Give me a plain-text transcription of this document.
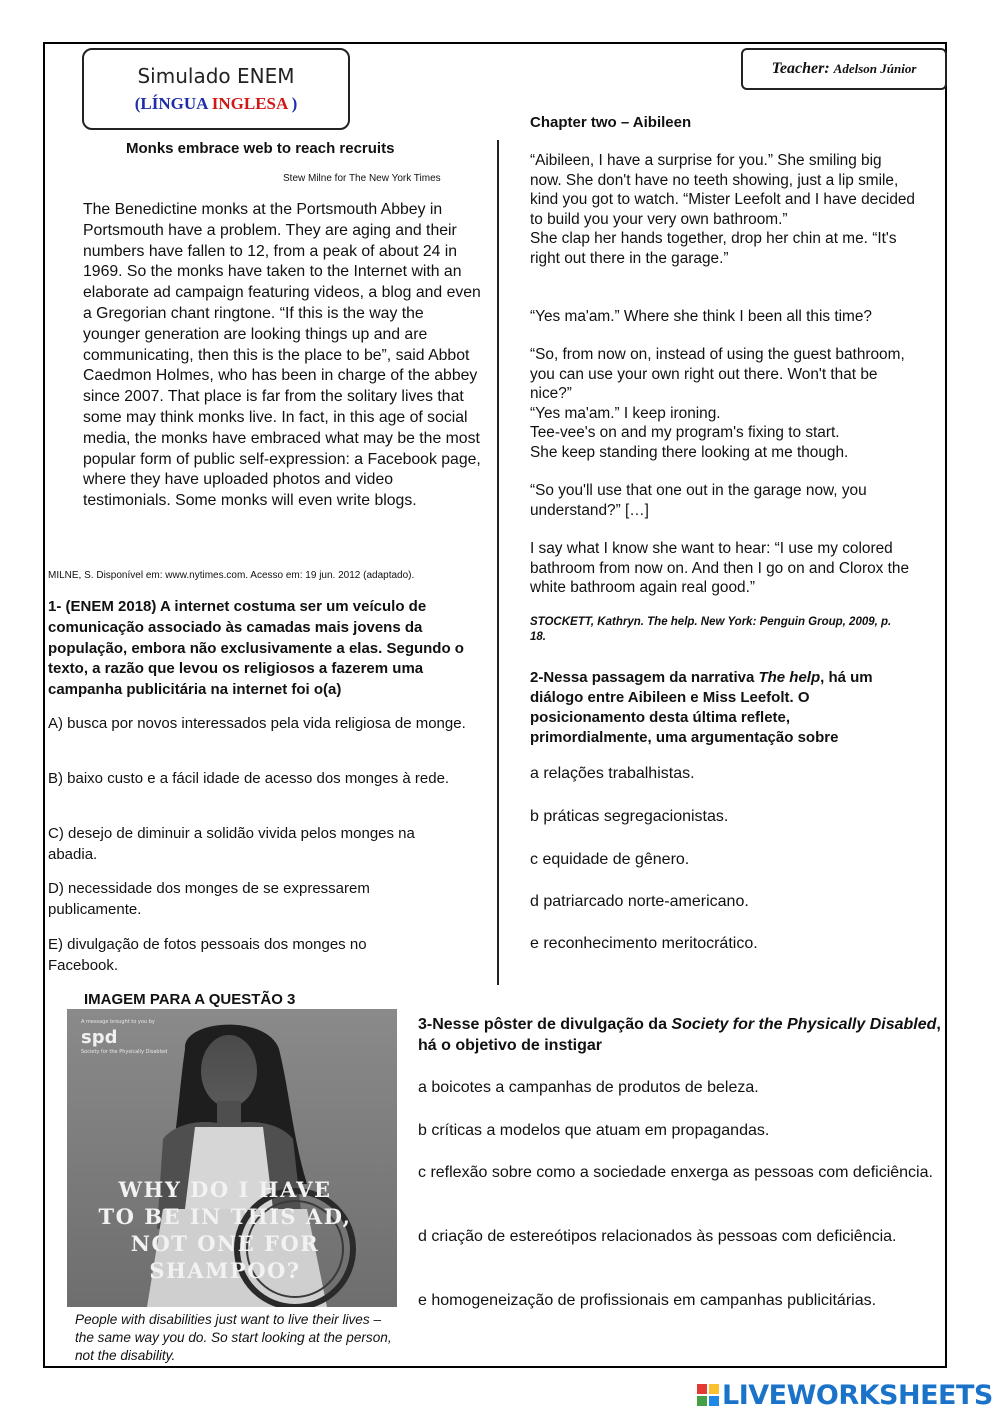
Simulado ENEM
(LÍNGUA INGLESA )
Teacher: Adelson Júnior
Monks embrace web to reach recruits
Stew Milne for The New York Times

The Benedictine monks at the Portsmouth Abbey in Portsmouth have a problem. They are aging and their numbers have fallen to 12, from a peak of about 24 in 1969. So the monks have taken to the Internet with an elaborate ad campaign featuring videos, a blog and even a Gregorian chant ringtone. “If this is the way the younger generation are looking things up and are communicating, then this is the place to be”, said Abbot Caedmon Holmes, who has been in charge of the abbey since 2007. That place is far from the solitary lives that some may think monks live. In fact, in this age of social media, the monks have embraced what may be the most popular form of public self-expression: a Facebook page, where they have uploaded photos and video testimonials. Some monks will even write blogs.

MILNE, S. Disponível em: www.nytimes.com. Acesso em: 19 jun. 2012 (adaptado).

1- (ENEM 2018) A internet costuma ser um veículo de comunicação associado às camadas mais jovens da população, embora não exclusivamente a elas. Segundo o texto, a razão que levou os religiosos a fazerem uma campanha publicitária na internet foi o(a)

A) busca por novos interessados pela vida religiosa de monge.

B) baixo custo e a fácil idade de acesso dos monges à rede.

C) desejo de diminuir a solidão vivida pelos monges na abadia.

D) necessidade dos monges de se expressarem publicamente.

E) divulgação de fotos pessoais dos monges no Facebook.

Chapter two – Aibileen

“Aibileen, I have a surprise for you.” She smiling big now. She don't have no teeth showing, just a lip smile, kind you got to watch. “Mister Leefolt and I have decided to build you your very own bathroom.”
She clap her hands together, drop her chin at me. “It's right out there in the garage.”

“Yes ma'am.” Where she think I been all this time?

“So, from now on, instead of using the guest bathroom, you can use your own right out there. Won't that be nice?”
“Yes ma'am.” I keep ironing.
Tee-vee's on and my program's fixing to start.
She keep standing there looking at me though.

“So you'll use that one out in the garage now, you understand?” […]

I say what I know she want to hear: “I use my colored bathroom from now on. And then I go on and Clorox the white bathroom again real good.”

STOCKETT, Kathryn. The help. New York: Penguin Group, 2009, p. 18.

2-Nessa passagem da narrativa The help, há um diálogo entre Aibileen e Miss Leefolt. O posicionamento desta última reflete, primordialmente, uma argumentação sobre

a relações trabalhistas.

b práticas segregacionistas.

c equidade de gênero.

d patriarcado norte-americano.

e reconhecimento meritocrático.

IMAGEM PARA A QUESTÃO 3
A message brought to you by
spd
Society for the Physically Disabled
WHY DO I HAVE
TO BE IN THIS AD,
NOT ONE FOR
SHAMPOO?

People with disabilities just want to live their lives – the same way you do. So start looking at the person, not the disability.

3-Nesse pôster de divulgação da Society for the Physically Disabled, há o objetivo de instigar

a boicotes a campanhas de produtos de beleza.

b críticas a modelos que atuam em propagandas.

c reflexão sobre como a sociedade enxerga as pessoas com deficiência.

d criação de estereótipos relacionados às pessoas com deficiência.

e homogeneização de profissionais em campanhas publicitárias.

LIVEWORKSHEETS
